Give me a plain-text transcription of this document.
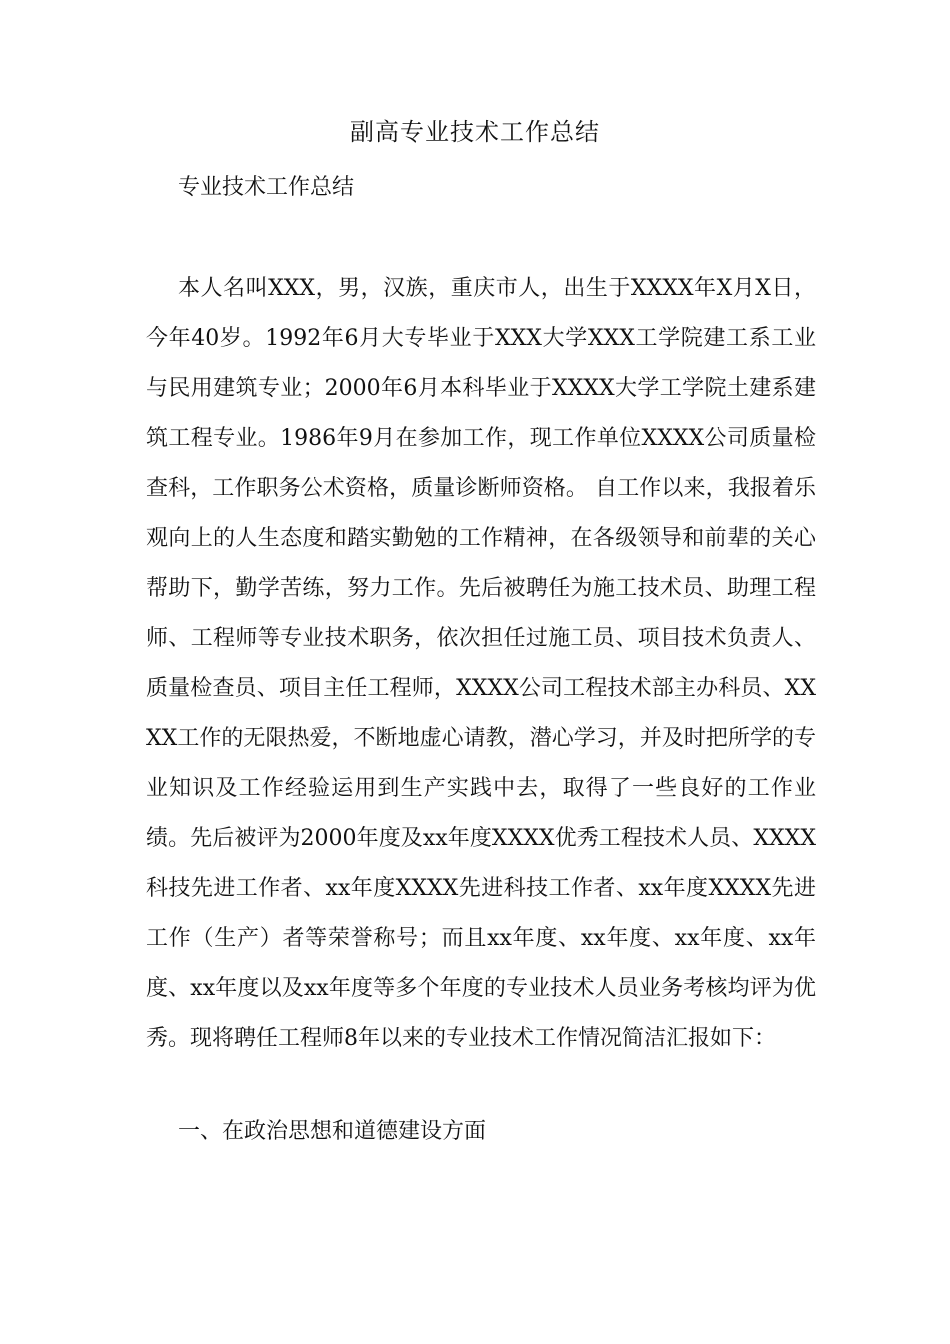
副高专业技术工作总结
专业技术工作总结
本人名叫XXX，男，汉族，重庆市人，出生于XXXX年X月X日，今年40岁。1992年6月大专毕业于XXX大学XXX工学院建工系工业与民用建筑专业；2000年6月本科毕业于XXXX大学工学院土建系建筑工程专业。1986年9月在参加工作，现工作单位XXXX公司质量检查科，工作职务公术资格，质量诊断师资格。 自工作以来，我报着乐观向上的人生态度和踏实勤勉的工作精神，在各级领导和前辈的关心帮助下，勤学苦练，努力工作。先后被聘任为施工技术员、助理工程师、工程师等专业技术职务，依次担任过施工员、项目技术负责人、质量检查员、项目主任工程师，XXXX公司工程技术部主办科员、XXXX工作的无限热爱，不断地虚心请教，潜心学习，并及时把所学的专业知识及工作经验运用到生产实践中去，取得了一些良好的工作业绩。先后被评为2000年度及xx年度XXXX优秀工程技术人员、XXXX科技先进工作者、xx年度XXXX先进科技工作者、xx年度XXXX先进工作（生产）者等荣誉称号；而且xx年度、xx年度、xx年度、xx年度、xx年度以及xx年度等多个年度的专业技术人员业务考核均评为优秀。现将聘任工程师8年以来的专业技术工作情况简洁汇报如下：
一、在政治思想和道德建设方面
